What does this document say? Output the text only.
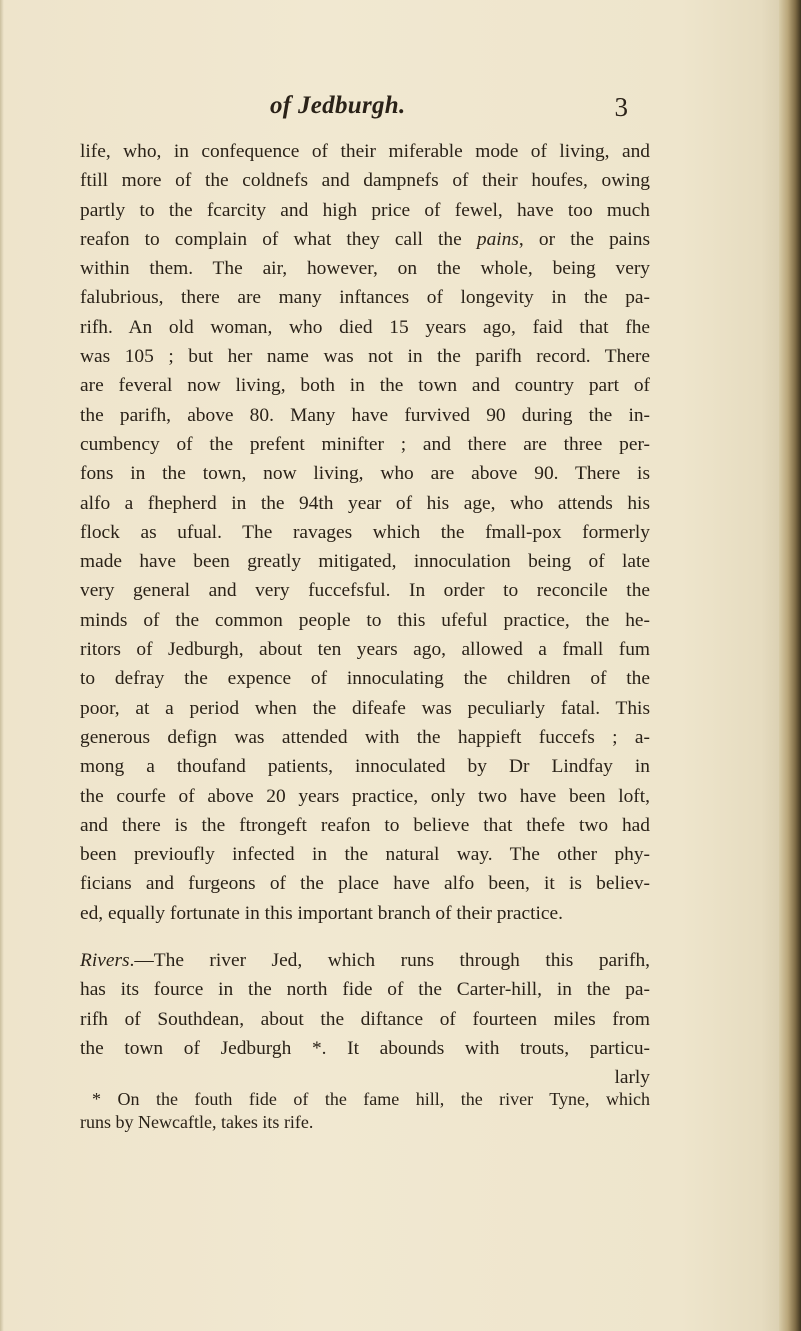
of Jedburgh.	3
life, who, in confequence of their miferable mode of living, and
ftill more of the coldnefs and dampnefs of their houfes, owing
partly to the fcarcity and high price of fewel, have too much
reafon to complain of what they call the pains, or the pains
within them. The air, however, on the whole, being very
falubrious, there are many inftances of longevity in the pa-
rifh. An old woman, who died 15 years ago, faid that fhe
was 105 ; but her name was not in the parifh record. There
are feveral now living, both in the town and country part of
the parifh, above 80. Many have furvived 90 during the in-
cumbency of the prefent minifter ; and there are three per-
fons in the town, now living, who are above 90. There is
alfo a fhepherd in the 94th year of his age, who attends his
flock as ufual. The ravages which the fmall-pox formerly
made have been greatly mitigated, innoculation being of late
very general and very fuccefsful. In order to reconcile the
minds of the common people to this ufeful practice, the he-
ritors of Jedburgh, about ten years ago, allowed a fmall fum
to defray the expence of innoculating the children of the
poor, at a period when the difeafe was peculiarly fatal. This
generous defign was attended with the happieft fuccefs ; a-
mong a thoufand patients, innoculated by Dr Lindfay in
the courfe of above 20 years practice, only two have been loft,
and there is the ftrongeft reafon to believe that thefe two had
been previoufly infected in the natural way. The other phy-
ficians and furgeons of the place have alfo been, it is believ-
ed, equally fortunate in this important branch of their practice.
Rivers.—The river Jed, which runs through this parifh,
has its fource in the north fide of the Carter-hill, in the pa-
rifh of Southdean, about the diftance of fourteen miles from
the town of Jedburgh *. It abounds with trouts, particu-
larly
* On the fouth fide of the fame hill, the river Tyne, which
runs by Newcaftle, takes its rife.
